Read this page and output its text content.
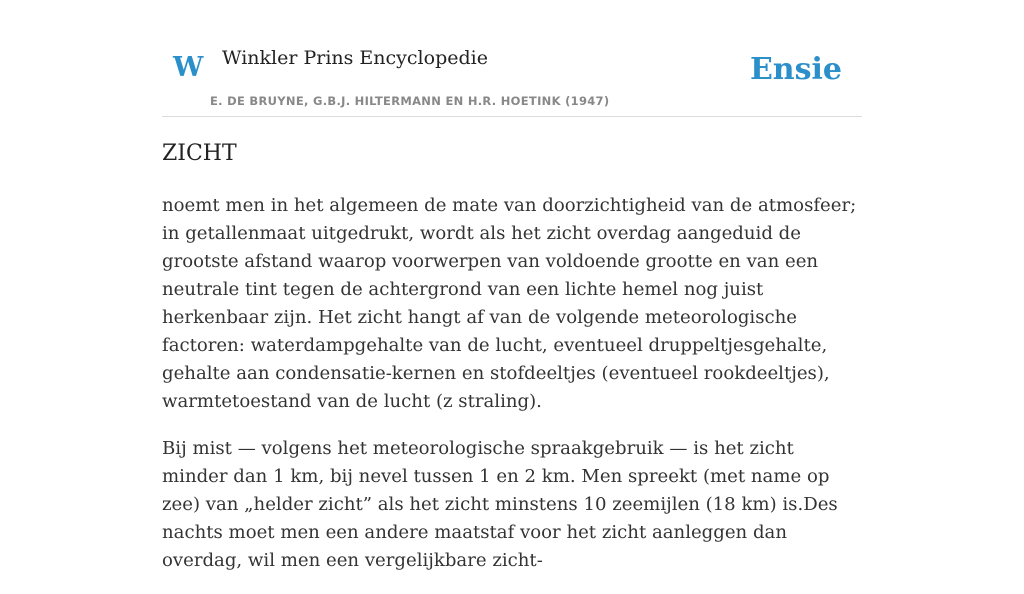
W Winkler Prins Encyclopedie
E. DE BRUYNE, G.B.J. HILTERMANN EN H.R. HOETINK (1947)
Ensie
ZICHT

noemt men in het algemeen de mate van doorzichtigheid van de atmosfeer; in getallenmaat uitgedrukt, wordt als het zicht overdag aangeduid de grootste afstand waarop voorwerpen van voldoende grootte en van een neutrale tint tegen de achtergrond van een lichte hemel nog juist herkenbaar zijn. Het zicht hangt af van de volgende meteorologische factoren: waterdampgehalte van de lucht, eventueel druppeltjesgehalte, gehalte aan condensatie-kernen en stofdeeltjes (eventueel rookdeeltjes), warmtetoestand van de lucht (z straling).

Bij mist — volgens het meteorologische spraakgebruik — is het zicht minder dan 1 km, bij nevel tussen 1 en 2 km. Men spreekt (met name op zee) van „helder zicht” als het zicht minstens 10 zeemijlen (18 km) is.Des nachts moet men een andere maatstaf voor het zicht aanleggen dan overdag, wil men een vergelijkbare zicht-
